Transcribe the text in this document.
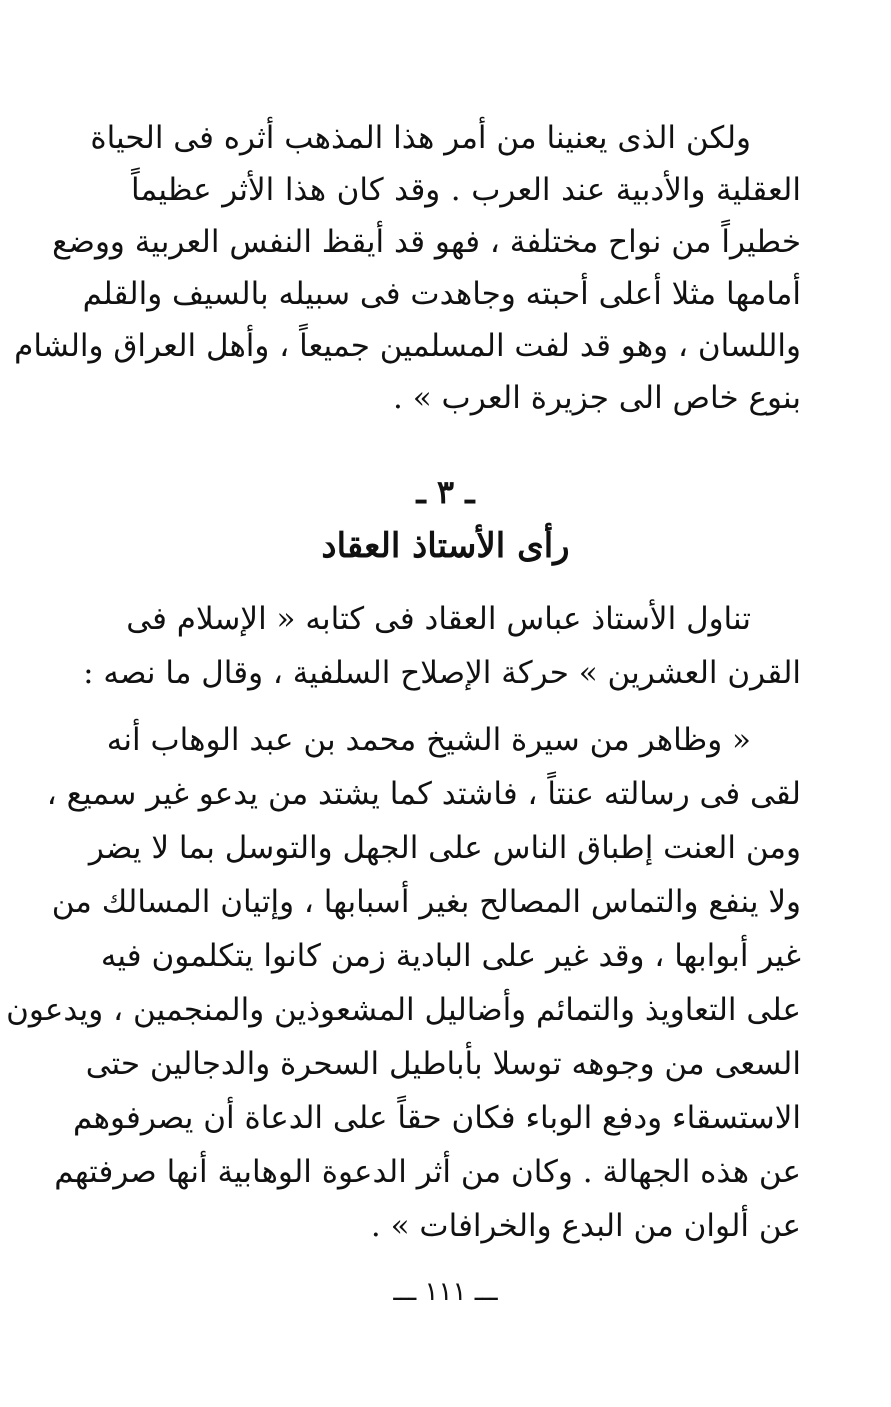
ولكن الذى يعنينا من أمر هذا المذهب أثره فى الحياة
العقلية والأدبية عند العرب . وقد كان هذا الأثر عظيماً
خطيراً من نواح مختلفة ، فهو قد أيقظ النفس العربية ووضع
أمامها مثلا أعلى أحبته وجاهدت فى سبيله بالسيف والقلم
واللسان ، وهو قد لفت المسلمين جميعاً ، وأهل العراق والشام
بنوع خاص الى جزيرة العرب » .
ـ ٣ ـ
رأى الأستاذ العقاد
تناول الأستاذ عباس العقاد فى كتابه « الإسلام فى
القرن العشرين » حركة الإصلاح السلفية ، وقال ما نصه :
« وظاهر من سيرة الشيخ محمد بن عبد الوهاب أنه
لقى فى رسالته عنتاً ، فاشتد كما يشتد من يدعو غير سميع ،
ومن العنت إطباق الناس على الجهل والتوسل بما لا يضر
ولا ينفع والتماس المصالح بغير أسبابها ، وإتيان المسالك من
غير أبوابها ، وقد غير على البادية زمن كانوا يتكلمون فيه
على التعاويذ والتمائم وأضاليل المشعوذين والمنجمين ، ويدعون
السعى من وجوهه توسلا بأباطيل السحرة والدجالين حتى
الاستسقاء ودفع الوباء فكان حقاً على الدعاة أن يصرفوهم
عن هذه الجهالة . وكان من أثر الدعوة الوهابية أنها صرفتهم
عن ألوان من البدع والخرافات » .
ـــ ١١١ ـــ
